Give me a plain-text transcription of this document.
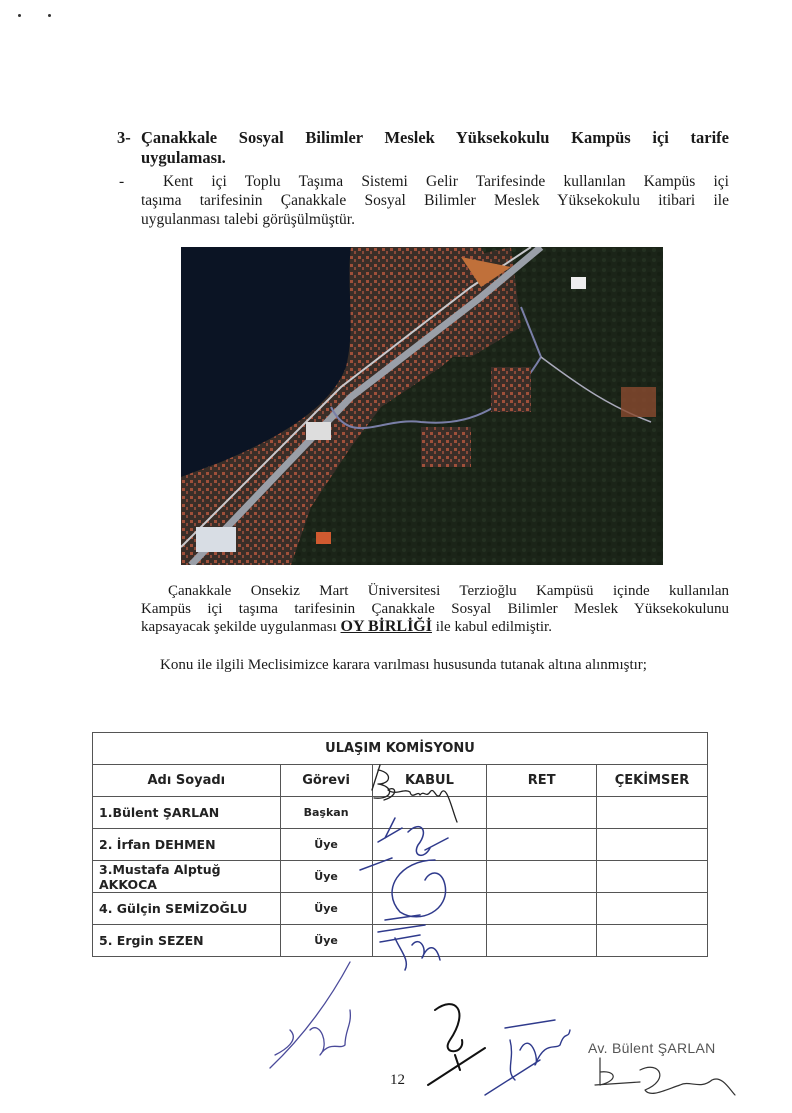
3- Çanakkale Sosyal Bilimler Meslek Yüksekokulu Kampüs içi tarife
uygulaması.
-	Kent içi Toplu Taşıma Sistemi Gelir Tarifesinde kullanılan Kampüs içi
taşıma tarifesinin Çanakkale Sosyal Bilimler Meslek Yüksekokulu itibari ile
uygulanması talebi görüşülmüştür.
Çanakkale Onsekiz Mart Üniversitesi Terzioğlu Kampüsü içinde kullanılan
Kampüs içi taşıma tarifesinin Çanakkale Sosyal Bilimler Meslek Yüksekokulunu
kapsayacak şekilde uygulanması OY BİRLİĞİ ile kabul edilmiştir.
Konu ile ilgili Meclisimizce karara varılması hususunda tutanak altına alınmıştır;
ULAŞIM KOMİSYONU				
Adı Soyadı	Görevi	KABUL	RET	ÇEKİMSER
1.Bülent ŞARLAN	Başkan			
2. İrfan DEHMEN	Üye			
3.Mustafa Alptuğ AKKOCA	Üye			
4. Gülçin SEMİZOĞLU	Üye			
5. Ergin SEZEN	Üye			
Av. Bülent ŞARLAN
12
